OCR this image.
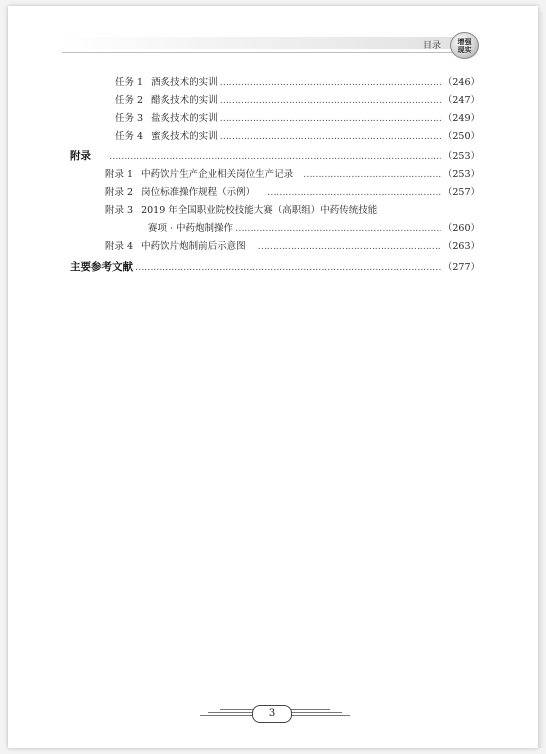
目录 增强
现实
任务 1 酒炙技术的实训 …………………………………………………………………………………………………………………………………………………………………………	（246）
任务 2 醋炙技术的实训 …………………………………………………………………………………………………………………………………………………………………………	（247）
任务 3 盐炙技术的实训 …………………………………………………………………………………………………………………………………………………………………………	（249）
任务 4 蜜炙技术的实训 …………………………………………………………………………………………………………………………………………………………………………	（250）
附录 …………………………………………………………………………………………………………………………………………………………………………	（253）
附录 1 中药饮片生产企业相关岗位生产记录 …………………………………………………………………………………………………………………………………………………………………………	（253）
附录 2 岗位标准操作规程（示例） …………………………………………………………………………………………………………………………………………………………………………	（257）
附录 3 2019 年全国职业院校技能大赛（高职组）中药传统技能
赛项 · 中药炮制操作 …………………………………………………………………………………………………………………………………………………………………………	（260）
附录 4 中药饮片炮制前后示意图 …………………………………………………………………………………………………………………………………………………………………………	（263）
主要参考文献 …………………………………………………………………………………………………………………………………………………………………………	（277）
3
